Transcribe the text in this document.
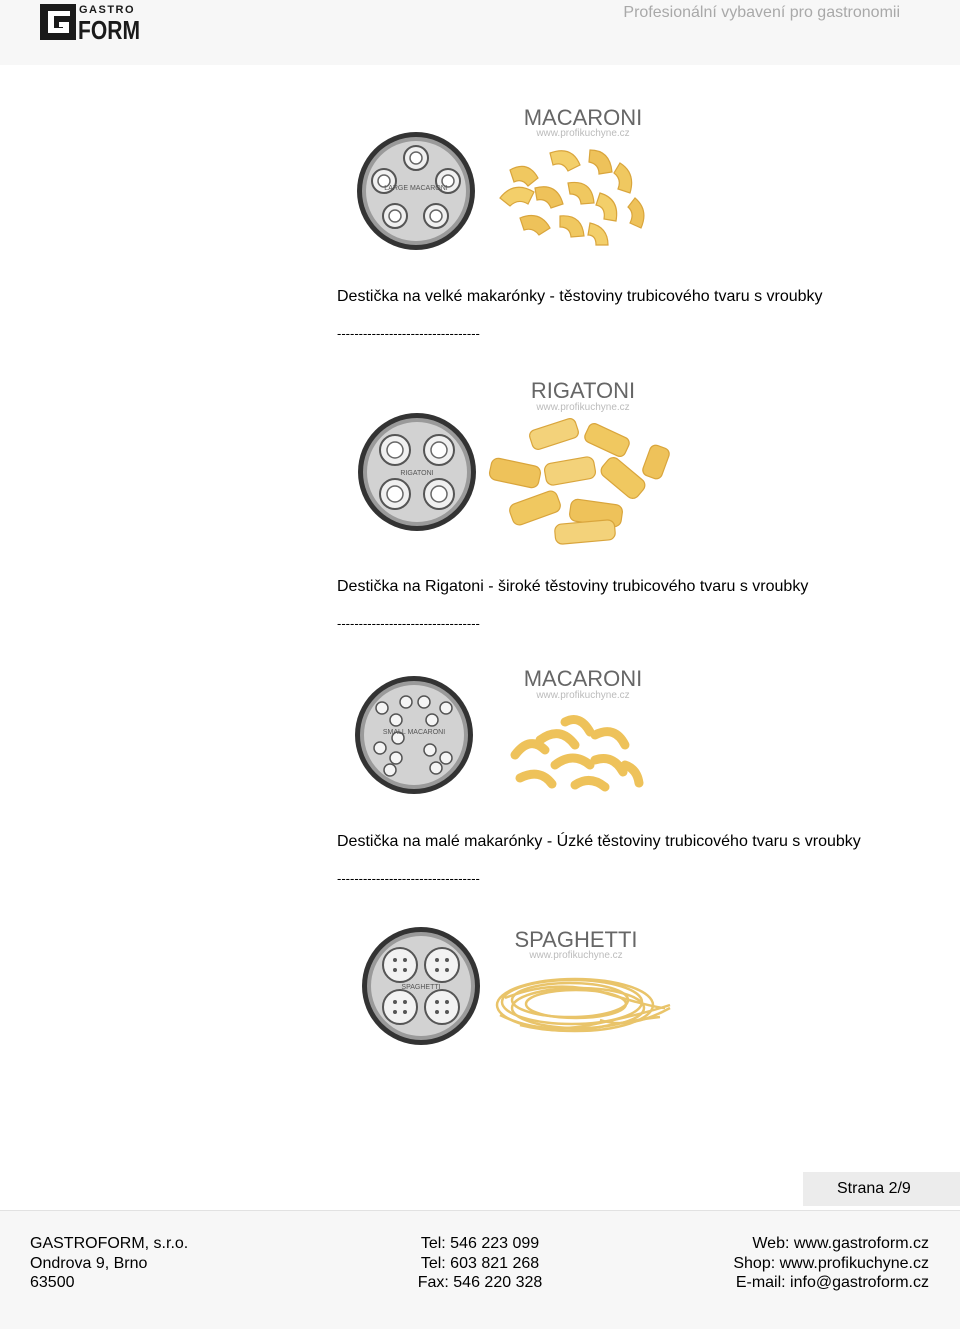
GASTRO
FORM
Profesionální vybavení pro gastronomii
LARGE MACARONI
MACARONI
www.profikuchyne.cz
Destička na velké makarónky - těstoviny trubicového tvaru s vroubky
---------------------------------
RIGATONI
RIGATONI
www.profikuchyne.cz
Destička na Rigatoni - široké těstoviny trubicového tvaru s vroubky
---------------------------------
SMALL MACARONI
MACARONI
www.profikuchyne.cz
Destička na malé makarónky - Úzké těstoviny trubicového tvaru s vroubky
---------------------------------
SPAGHETTI
SPAGHETTI
www.profikuchyne.cz
Strana 2/9
GASTROFORM, s.r.o.
Ondrova 9, Brno
63500
Tel: 546 223 099
Tel: 603 821 268
Fax: 546 220 328
Web: www.gastroform.cz
Shop: www.profikuchyne.cz
E-mail: info@gastroform.cz
